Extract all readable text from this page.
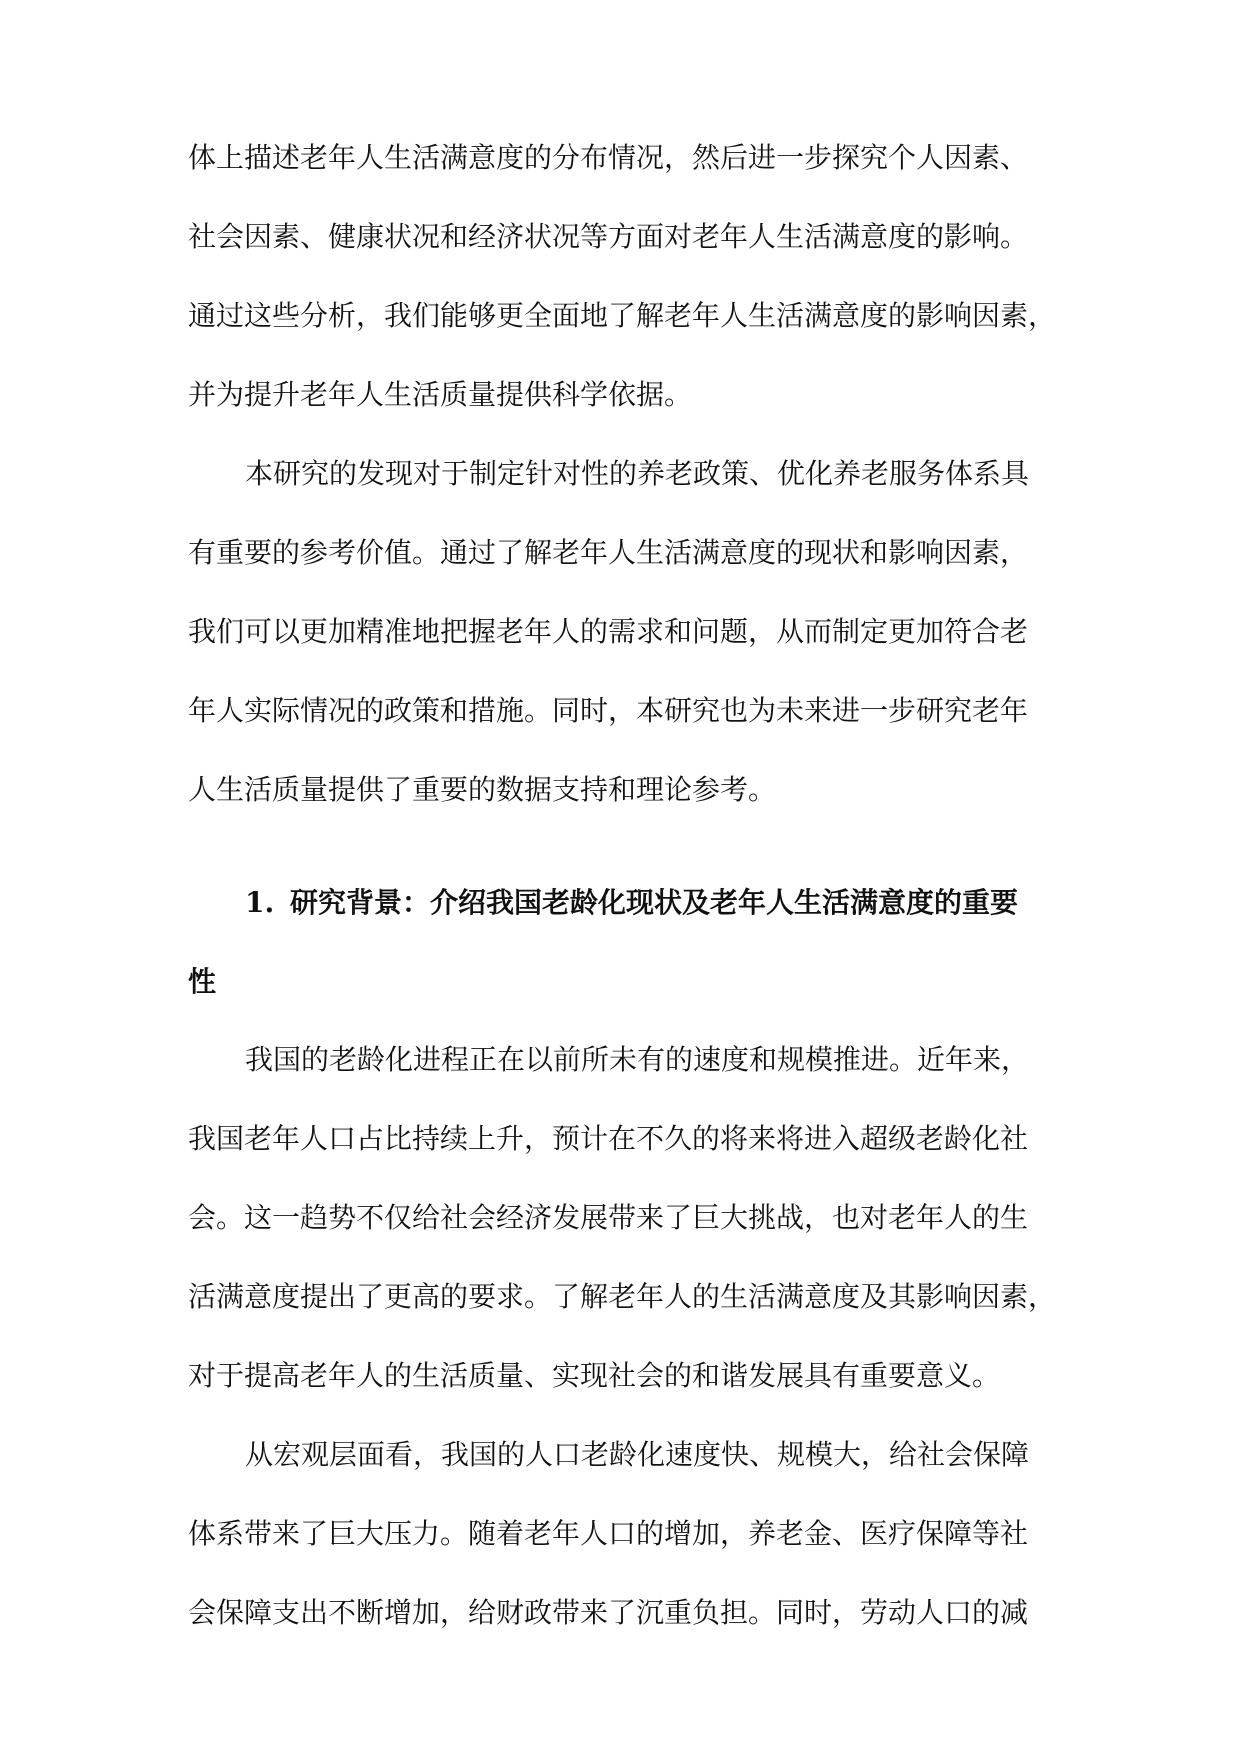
体上描述老年人生活满意度的分布情况，然后进一步探究个人因素、
社会因素、健康状况和经济状况等方面对老年人生活满意度的影响。
通过这些分析，我们能够更全面地了解老年人生活满意度的影响因素，
并为提升老年人生活质量提供科学依据。
本研究的发现对于制定针对性的养老政策、优化养老服务体系具
有重要的参考价值。通过了解老年人生活满意度的现状和影响因素，
我们可以更加精准地把握老年人的需求和问题，从而制定更加符合老
年人实际情况的政策和措施。同时，本研究也为未来进一步研究老年
人生活质量提供了重要的数据支持和理论参考。
1. 研究背景：介绍我国老龄化现状及老年人生活满意度的重要
性
我国的老龄化进程正在以前所未有的速度和规模推进。近年来，
我国老年人口占比持续上升，预计在不久的将来将进入超级老龄化社
会。这一趋势不仅给社会经济发展带来了巨大挑战，也对老年人的生
活满意度提出了更高的要求。了解老年人的生活满意度及其影响因素，
对于提高老年人的生活质量、实现社会的和谐发展具有重要意义。
从宏观层面看，我国的人口老龄化速度快、规模大，给社会保障
体系带来了巨大压力。随着老年人口的增加，养老金、医疗保障等社
会保障支出不断增加，给财政带来了沉重负担。同时，劳动人口的减
